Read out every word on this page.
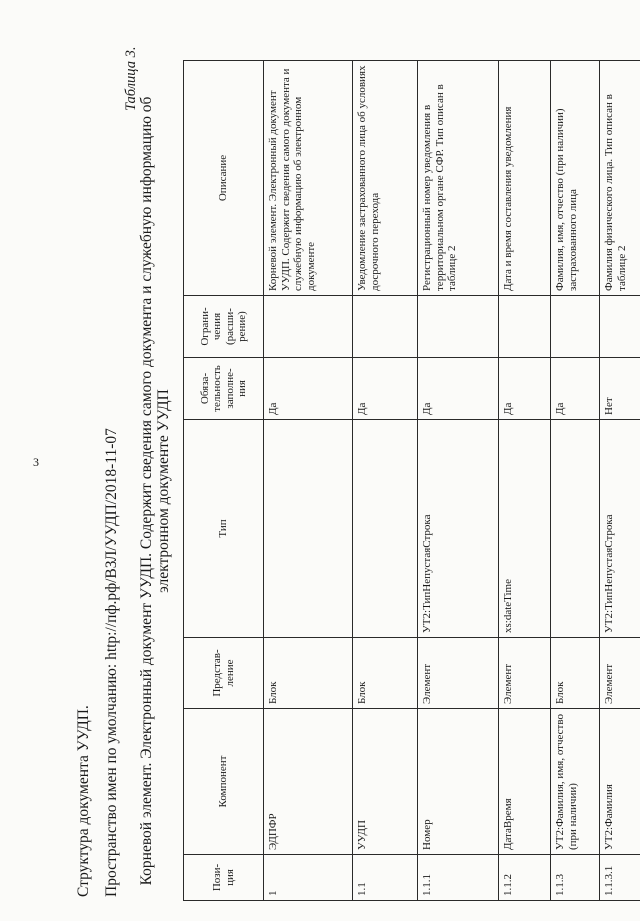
3
Структура документа УУДП. Пространство имен по умолчанию: http://пф.рф/ВЗЛ/УУДП/2018-11-07
Таблица 3.
Корневой элемент. Электронный документ УУДП. Содержит сведения самого документа и служебную информацию об электронном документе УУДП
Пози-ция	Компонент	Представ-ление	Тип	Обяза-тельность заполне-ния	Ограни-чения (расши-рение)	Описание
1	ЭДПФР	Блок		Да		Корневой элемент. Электронный документ УУДП. Содержит сведения самого документа и служебную информацию об электронном документе
1.1	УУДП	Блок		Да		Уведомление застрахованного лица об условиях досрочного перехода
1.1.1	Номер	Элемент	УТ2:ТипНепустаяСтрока	Да		Регистрационный номер уведомления в территориальном органе СФР. Тип описан в таблице 2
1.1.2	ДатаВремя	Элемент	xs:dateTime	Да		Дата и время составления уведомления
1.1.3	УТ2:Фамилия, имя, отчество (при наличии)	Блок		Да		Фамилия, имя, отчество (при наличии) застрахованного лица
1.1.3.1	УТ2:Фамилия	Элемент	УТ2:ТипНепустаяСтрока	Нет		Фамилия физического лица. Тип описан в таблице 2
